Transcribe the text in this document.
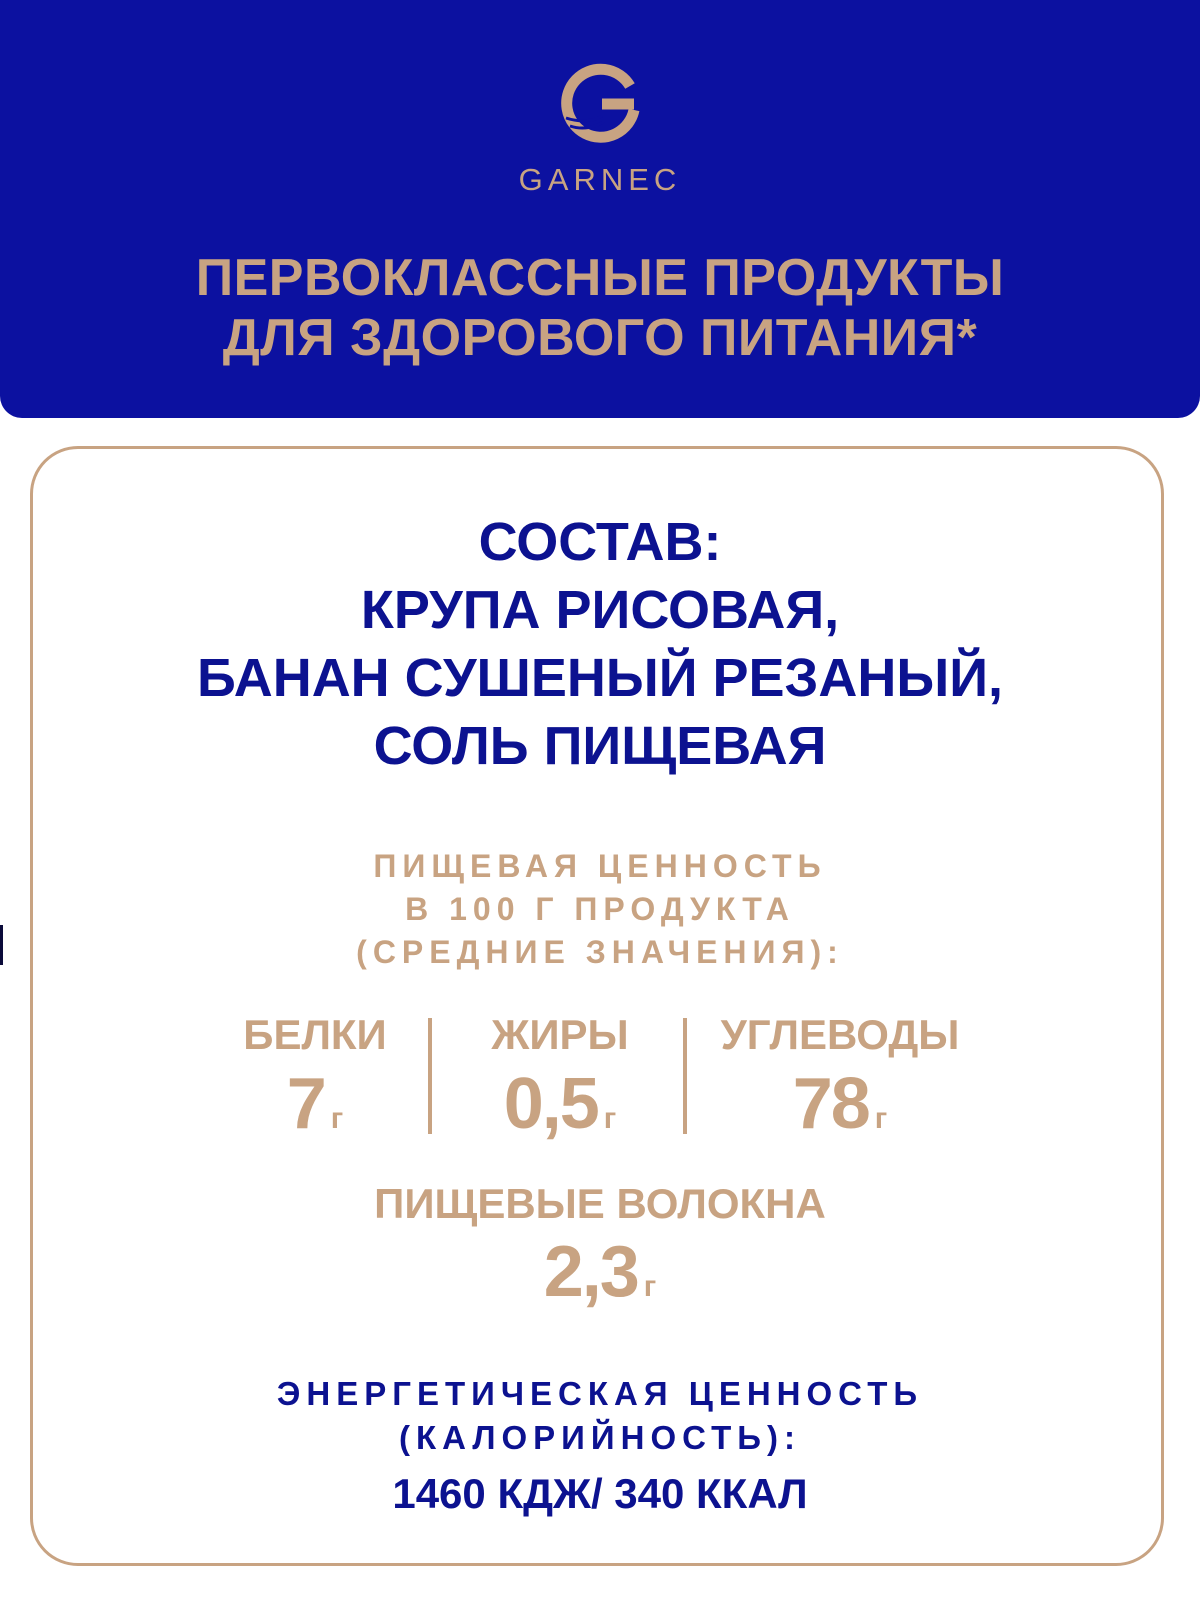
GARNEC
ПЕРВОКЛАССНЫЕ ПРОДУКТЫ
ДЛЯ ЗДОРОВОГО ПИТАНИЯ*
СОСТАВ:
КРУПА РИСОВАЯ,
БАНАН СУШЕНЫЙ РЕЗАНЫЙ,
СОЛЬ ПИЩЕВАЯ
ПИЩЕВАЯ ЦЕННОСТЬ
В 100 Г ПРОДУКТА
(СРЕДНИЕ ЗНАЧЕНИЯ):
БЕЛКИ
7 г
ЖИРЫ
0,5 г
УГЛЕВОДЫ
78 г
ПИЩЕВЫЕ ВОЛОКНА
2,3 г
ЭНЕРГЕТИЧЕСКАЯ ЦЕННОСТЬ
(КАЛОРИЙНОСТЬ):
1460 КДЖ/ 340 ККАЛ
